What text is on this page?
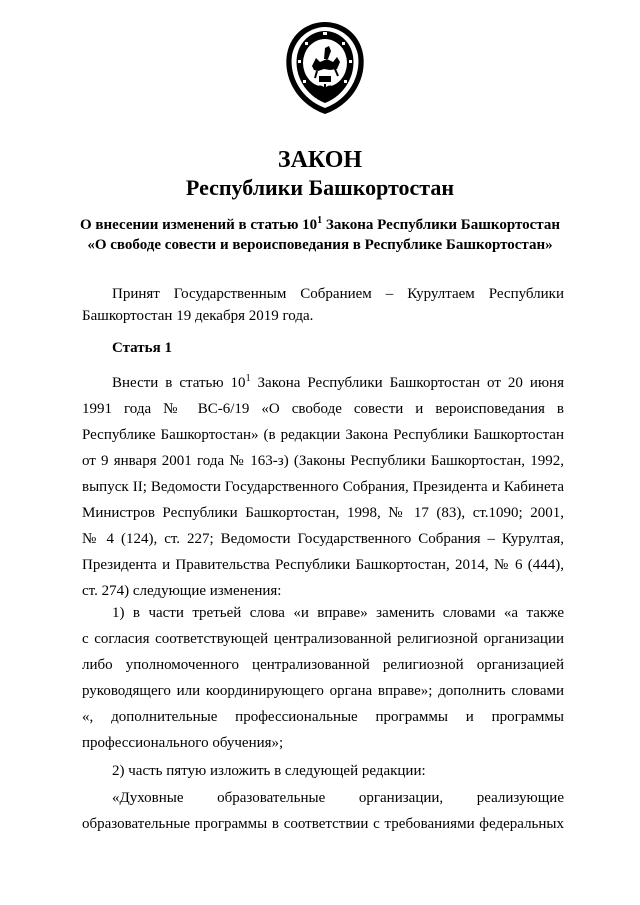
ЗАКОН
Республики Башкортостан
О внесении изменений в статью $10^1$ Закона Республики Башкортостан
«О свободе совести и вероисповедания в Республике Башкортостан»
Принят Государственным Собранием – Курултаем Республики
Башкортостан 19 декабря 2019 года.
Статья 1
Внести в статью $10^1$ Закона Республики Башкортостан от 20 июня
1991 года № ВС-6/19 «О свободе совести и вероисповедания в
Республике Башкортостан» (в редакции Закона Республики Башкортостан
от 9 января 2001 года № 163-з) (Законы Республики Башкортостан, 1992,
выпуск II; Ведомости Государственного Собрания, Президента и Кабинета
Министров Республики Башкортостан, 1998, № 17 (83), ст.1090; 2001,
№ 4 (124), ст. 227; Ведомости Государственного Собрания – Курултая,
Президента и Правительства Республики Башкортостан, 2014, № 6 (444),
ст. 274) следующие изменения:
1) в части третьей слова «и вправе» заменить словами «а также
с согласия соответствующей централизованной религиозной организации
либо уполномоченного централизованной религиозной организацией
руководящего или координирующего органа вправе»; дополнить словами
«, дополнительные профессиональные программы и программы
профессионального обучения»;
2) часть пятую изложить в следующей редакции:
«Духовные образовательные организации, реализующие
образовательные программы в соответствии с требованиями федеральных
